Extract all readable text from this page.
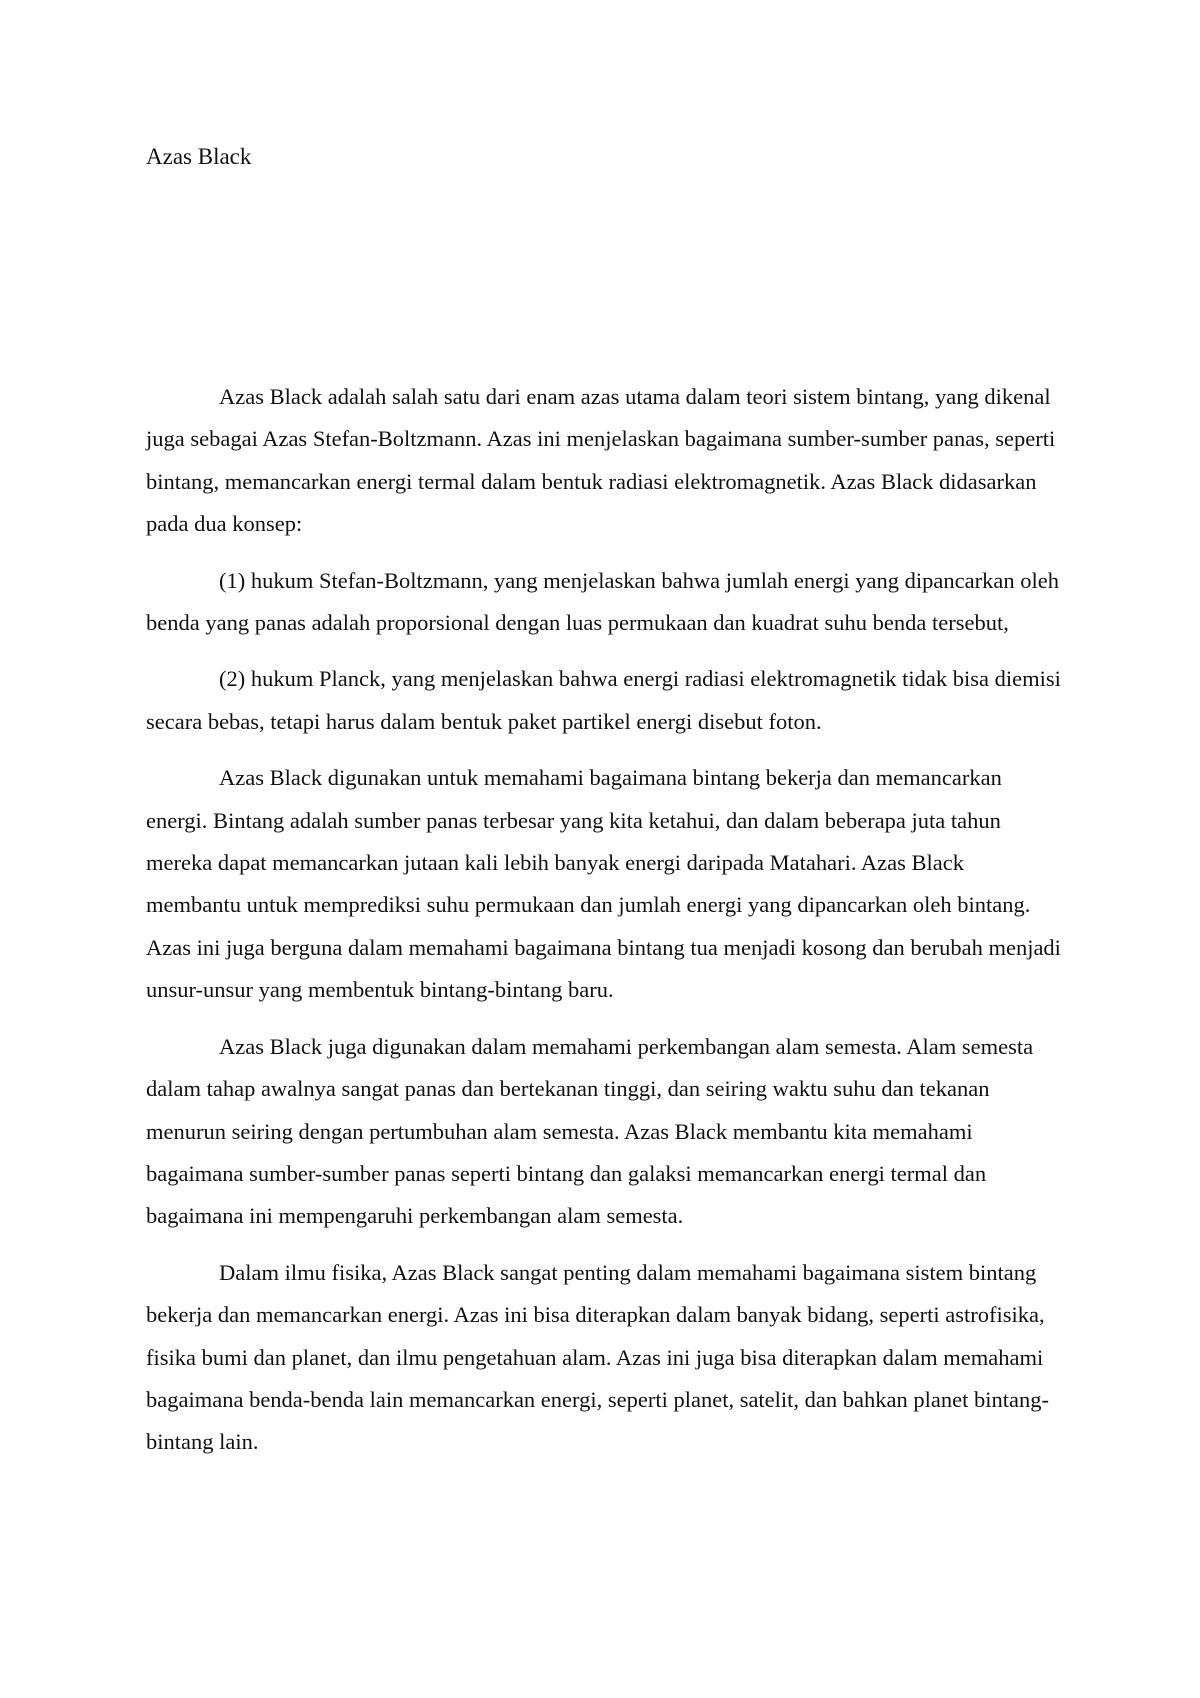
Azas Black

Azas Black adalah salah satu dari enam azas utama dalam teori sistem bintang, yang dikenal juga sebagai Azas Stefan-Boltzmann. Azas ini menjelaskan bagaimana sumber-sumber panas, seperti bintang, memancarkan energi termal dalam bentuk radiasi elektromagnetik. Azas Black didasarkan pada dua konsep:

(1) hukum Stefan-Boltzmann, yang menjelaskan bahwa jumlah energi yang dipancarkan oleh benda yang panas adalah proporsional dengan luas permukaan dan kuadrat suhu benda tersebut,

(2) hukum Planck, yang menjelaskan bahwa energi radiasi elektromagnetik tidak bisa diemisi secara bebas, tetapi harus dalam bentuk paket partikel energi disebut foton.

Azas Black digunakan untuk memahami bagaimana bintang bekerja dan memancarkan energi. Bintang adalah sumber panas terbesar yang kita ketahui, dan dalam beberapa juta tahun mereka dapat memancarkan jutaan kali lebih banyak energi daripada Matahari. Azas Black membantu untuk memprediksi suhu permukaan dan jumlah energi yang dipancarkan oleh bintang. Azas ini juga berguna dalam memahami bagaimana bintang tua menjadi kosong dan berubah menjadi unsur-unsur yang membentuk bintang-bintang baru.

Azas Black juga digunakan dalam memahami perkembangan alam semesta. Alam semesta dalam tahap awalnya sangat panas dan bertekanan tinggi, dan seiring waktu suhu dan tekanan menurun seiring dengan pertumbuhan alam semesta. Azas Black membantu kita memahami bagaimana sumber-sumber panas seperti bintang dan galaksi memancarkan energi termal dan bagaimana ini mempengaruhi perkembangan alam semesta.

Dalam ilmu fisika, Azas Black sangat penting dalam memahami bagaimana sistem bintang bekerja dan memancarkan energi. Azas ini bisa diterapkan dalam banyak bidang, seperti astrofisika, fisika bumi dan planet, dan ilmu pengetahuan alam. Azas ini juga bisa diterapkan dalam memahami bagaimana benda-benda lain memancarkan energi, seperti planet, satelit, dan bahkan planet bintang-bintang lain.
